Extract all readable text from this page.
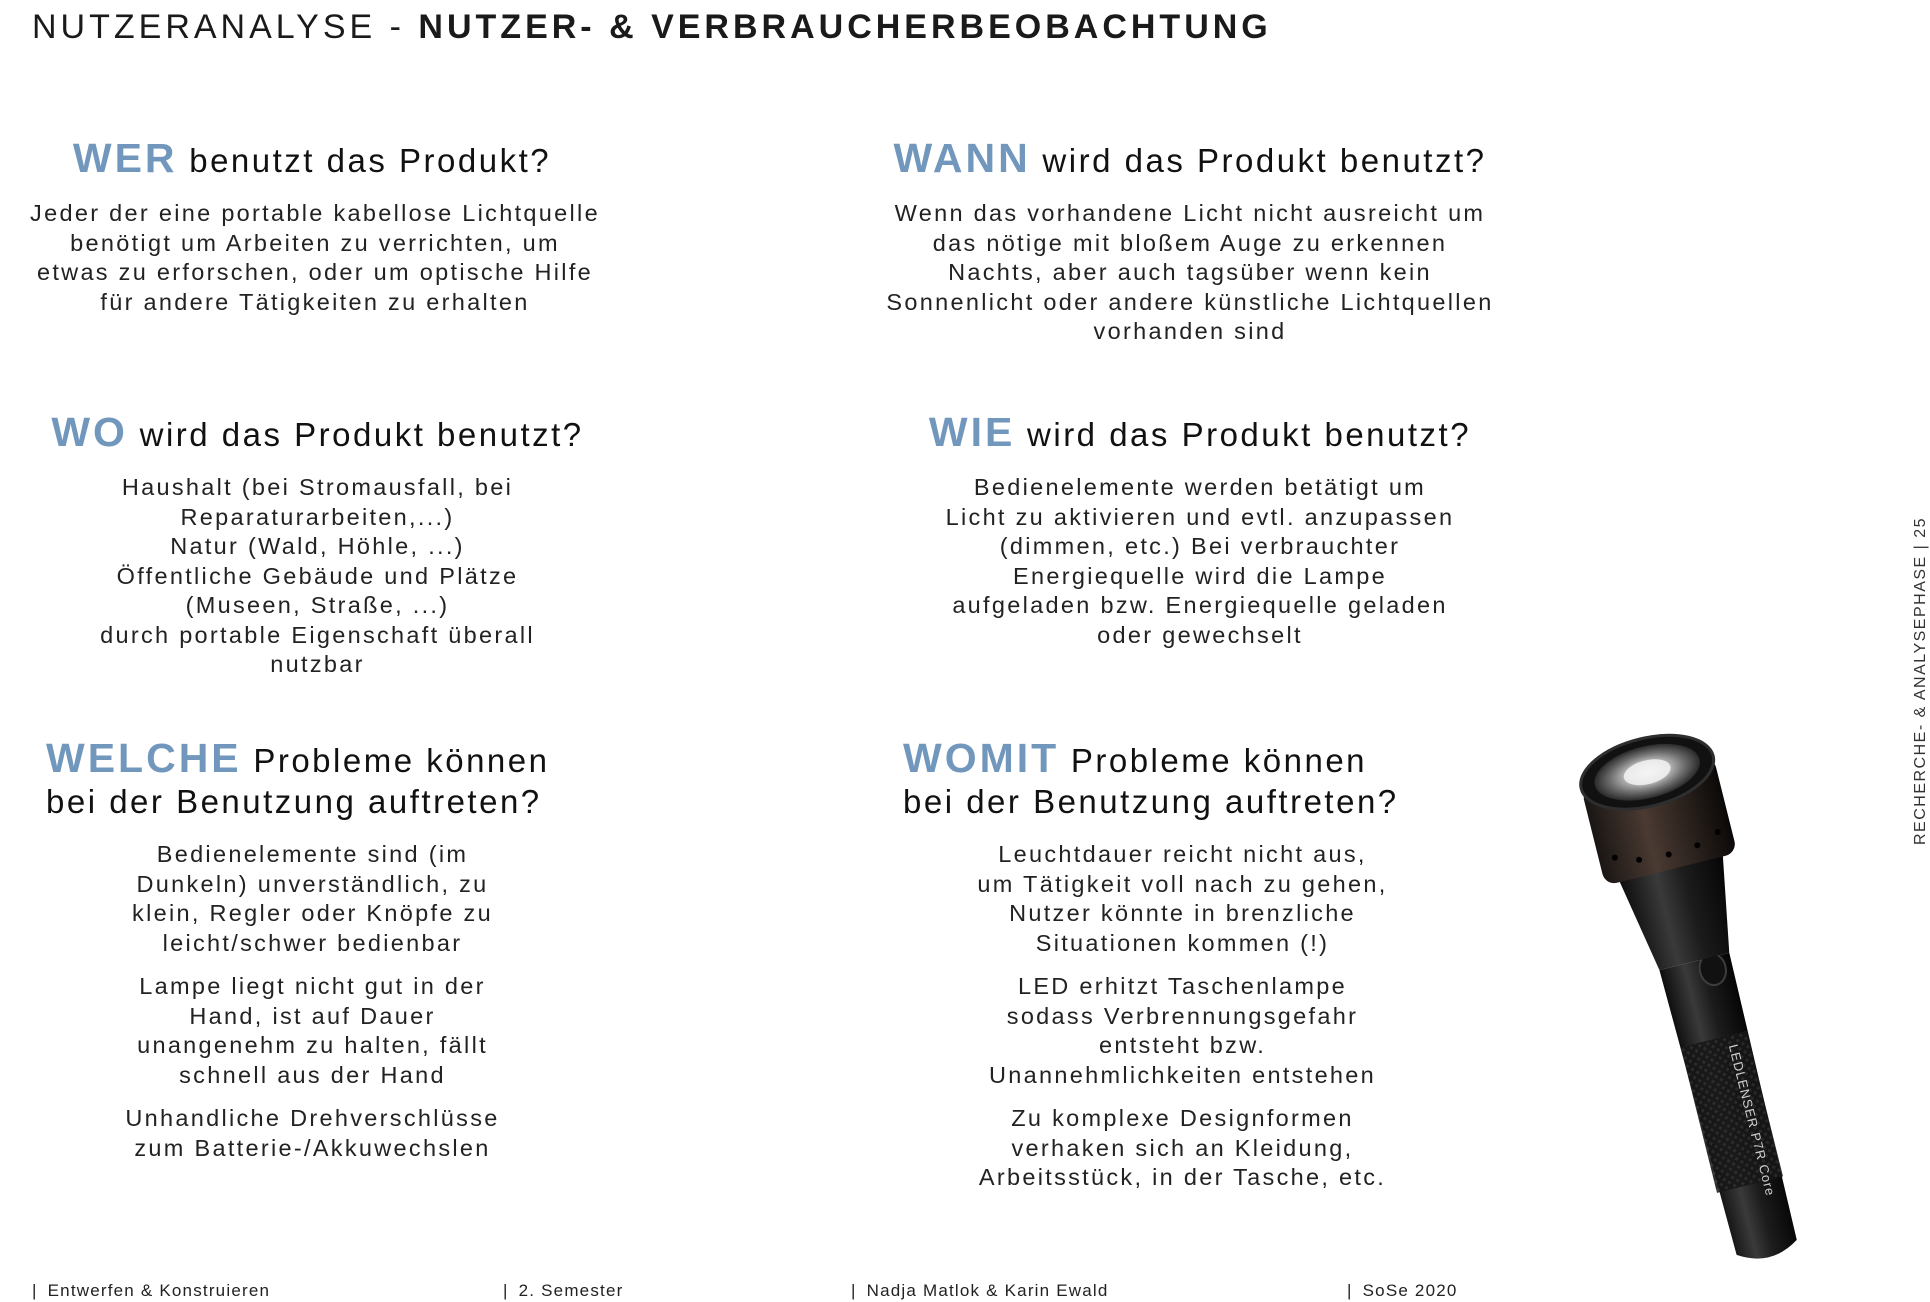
NUTZERANALYSE - NUTZER- & VERBRAUCHERBEOBACHTUNG
WER benutzt das Produkt?

Jeder der eine portable kabellose Lichtquelle
benötigt um Arbeiten zu verrichten, um
etwas zu erforschen, oder um optische Hilfe
für andere Tätigkeiten zu erhalten

WANN wird das Produkt benutzt?

Wenn das vorhandene Licht nicht ausreicht um
das nötige mit bloßem Auge zu erkennen
Nachts, aber auch tagsüber wenn kein
Sonnenlicht oder andere künstliche Lichtquellen
vorhanden sind

WO wird das Produkt benutzt?

Haushalt (bei Stromausfall, bei
Reparaturarbeiten,...)
Natur (Wald, Höhle, ...)
Öffentliche Gebäude und Plätze
(Museen, Straße, ...)
durch portable Eigenschaft überall
nutzbar

WIE wird das Produkt benutzt?

Bedienelemente werden betätigt um
Licht zu aktivieren und evtl. anzupassen
(dimmen, etc.) Bei verbrauchter
Energiequelle wird die Lampe
aufgeladen bzw. Energiequelle geladen
oder gewechselt

WELCHE Probleme können
bei der Benutzung auftreten?

Bedienelemente sind (im
Dunkeln) unverständlich, zu
klein, Regler oder Knöpfe zu
leicht/schwer bedienbar

Lampe liegt nicht gut in der
Hand, ist auf Dauer
unangenehm zu halten, fällt
schnell aus der Hand

Unhandliche Drehverschlüsse
zum Batterie-/Akkuwechslen

WOMIT Probleme können
bei der Benutzung auftreten?

Leuchtdauer reicht nicht aus,
um Tätigkeit voll nach zu gehen,
Nutzer könnte in brenzliche
Situationen kommen (!)

LED erhitzt Taschenlampe
sodass Verbrennungsgefahr
entsteht bzw.
Unannehmlichkeiten entstehen

Zu komplexe Designformen
verhaken sich an Kleidung,
Arbeitsstück, in der Tasche, etc.	LEDLENSER P7R Core
RECHERCHE- & ANALYSEPHASE | 25
| Entwerfen & Konstruieren	| 2. Semester	| Nadja Matlok & Karin Ewald	| SoSe 2020
